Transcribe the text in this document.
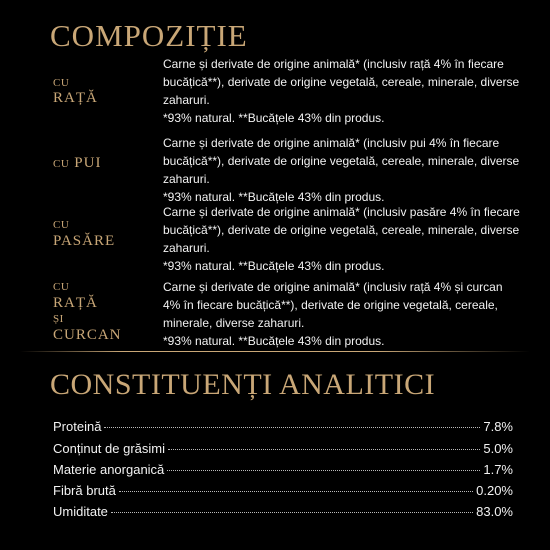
COMPOZIȚIE
CU
RAȚĂ

Carne și derivate de origine animală* (inclusiv rață 4% în fiecare bucățică**), derivate de origine vegetală, cereale, minerale, diverse zaharuri.

*93% natural. **Bucățele 43% din produs.

CU PUI

Carne și derivate de origine animală* (inclusiv pui 4% în fiecare bucățică**), derivate de origine vegetală, cereale, minerale, diverse zaharuri.

*93% natural. **Bucățele 43% din produs.

CU
PASĂRE

Carne și derivate de origine animală* (inclusiv pasăre 4% în fiecare bucățică**), derivate de origine vegetală, cereale, minerale, diverse zaharuri.

*93% natural. **Bucățele 43% din produs.

CU
RAȚĂ
ȘI
CURCAN

Carne și derivate de origine animală* (inclusiv rață 4% și curcan 4% în fiecare bucățică**), derivate de origine vegetală, cereale, minerale, diverse zaharuri.

*93% natural. **Bucățele 43% din produs.

CONSTITUENȚI ANALITICI
Proteină	7.8%
Conținut de grăsimi	5.0%
Materie anorganică	1.7%
Fibră brută	0.20%
Umiditate	83.0%
